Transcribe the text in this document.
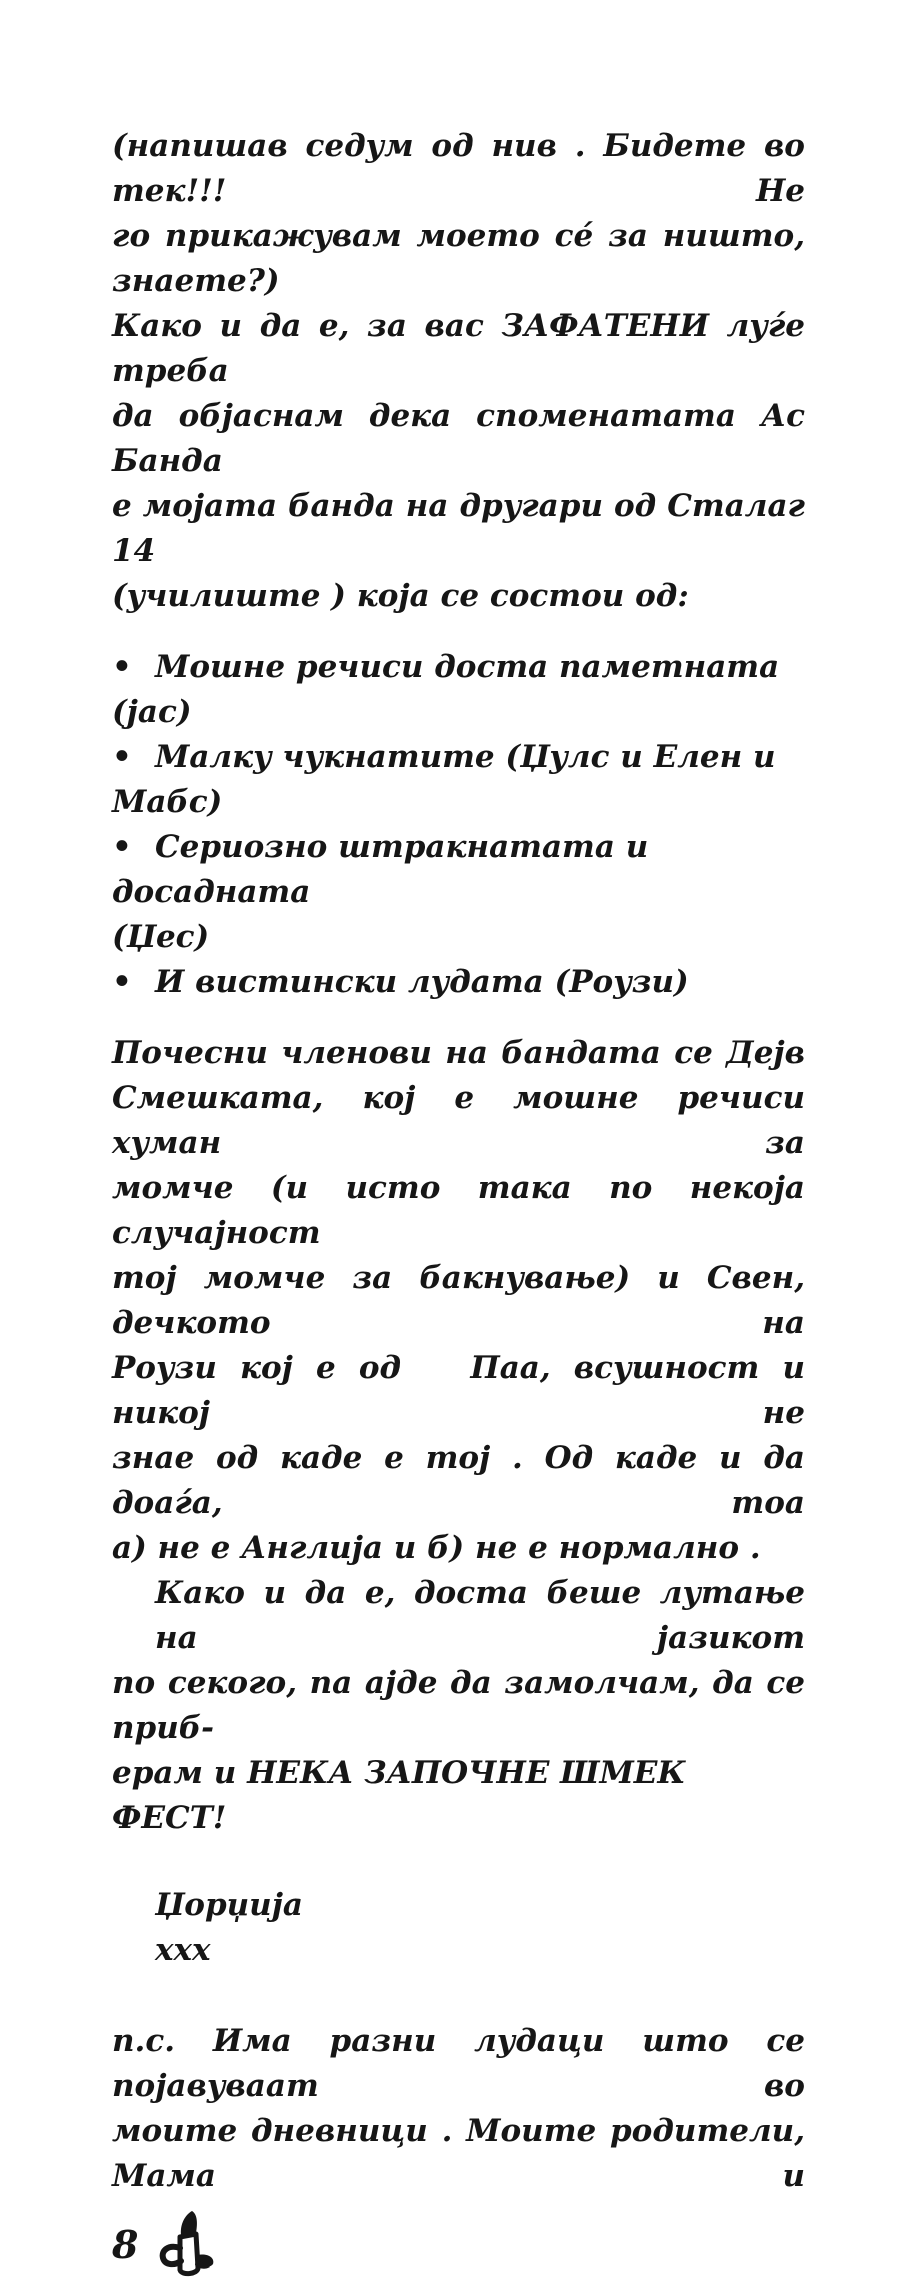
(напишав седум од нив . Бидете во тек!!! Не
го прикажувам моето се́ за ништо, знаете?)
Како и да е, за вас ЗАФАТЕНИ луѓе треба
да објаснам дека споменатата Ас Банда
е мојата банда на другари од Сталаг 14
(училиште ) која се состои од:
• Мошне речиси доста паметната (јас)
• Малку чукнатите (Џулс и Елен и Мабс)
• Сериозно штракнатата и досадната
(Џес)
• И вистински лудата (Роузи)
Почесни членови на бандата се Дејв
Смешката, кој е мошне речиси хуман за
момче (и исто така по некоја случајност
тој момче за бакнување) и Свен, дечкото на
Роузи кој е од   Паа, всушност и никој не
знае од каде е тој . Од каде и да доаѓа, тоа
а) не е Англија и б) не е нормално .
Како и да е, доста беше лутање на јазикот
по секого, па ајде да замолчам, да се приб-
ерам и НЕКА ЗАПОЧНЕ ШМЕК ФЕСТ!
Џорџија
xxx
п.с. Има разни лудаци што се појавуваат во
моите дневници . Моите родители, Мама и
8
